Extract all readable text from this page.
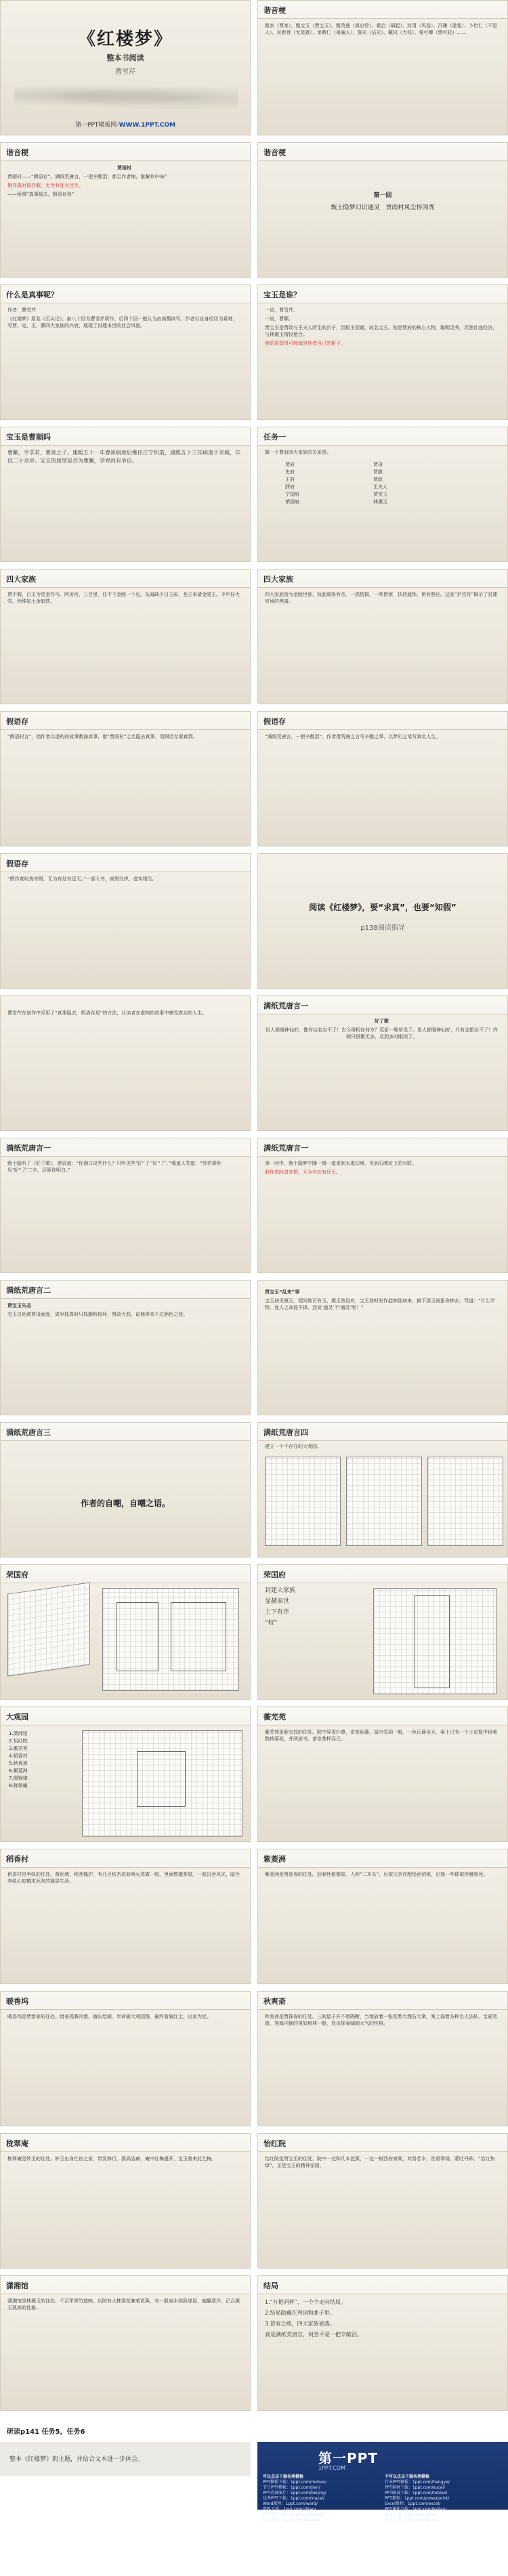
《红楼梦》
整本书阅读
曹雪芹
第一PPT模板网-WWW.1PPT.COM
谐音梗

甄家（贾家）、甄宝玉（贾宝玉）、甄英莲（真应怜）、霍启（祸起）、封肃（风俗）、冯渊（逢冤）、卜世仁（不是人）、吴新登（无星戥）、单聘仁（善骗人）、詹光（沾光）、戴权（大权）、秦可卿（情可轻）……

谐音梗

贾雨村

贾雨村——“假语存”。满纸荒唐言，一把辛酸泪；都云作者痴，谁解其中味？

假作真时真亦假，无为有处有还无。

——所谓“真事隐去，假语存焉”

谐音梗
第一回
甄士隐梦幻识通灵　贾雨村风尘怀闺秀
什么是真事呢？

作者：曹雪芹

《红楼梦》原名《石头记》，前八十回为曹雪芹所作，后四十回一般认为由高鹗续写。作者以自身经历为素材，写贾、史、王、薛四大家族的兴衰，展现了封建末世的社会风貌。

宝玉是谁？

一说，曹雪芹。

一说，曹颙。

贾宝玉是贾政与王夫人所生的次子，因衔玉而诞，故名宝玉。他是贾府的核心人物，聪明灵秀，厌恶仕途经济，与林黛玉情投意合。

他的原型很可能就是作者自己的影子。

宝玉是曹顺吗

曹颙，字孚若，曹寅之子。康熙五十一年曹寅病故后继任江宁织造，康熙五十三年病逝于京城，年仅二十余岁。宝玉的原型是否为曹颙，学界尚有争论。

任务一

做一个曹府四大家族的关系图。

贾府
史府
王府
薛府
宁国府
荣国府
贾母
贾赦
贾政
王夫人
贾宝玉
林黛玉
四大家族

贾不假，白玉为堂金作马。阿房宫，三百里，住不下金陵一个史。东海缺少白玉床，龙王来请金陵王。丰年好大雪，珍珠如土金如铁。

四大家族

四大家族皆为金陵世族，彼此联络有亲，一损皆损，一荣皆荣，扶持遮饰，俱有照应。这张“护官符”揭示了封建官场的黑暗。

假语存

“假语村言”，指作者以虚构的故事敷演真事，借“贾雨村”之名隐去真事，用假话存留真情。

假语存

“满纸荒唐言，一把辛酸泪”，作者借荒唐之言写辛酸之事，以梦幻之笔写真实人生。

假语存

“假作真时真亦假，无为有处有还无。”一部大书，真假交织，虚实相生。

阅读《红楼梦》，要“求真”，也要“知假”
p138阅读指导

曹雪芹在创作中采用了“真事隐去，假语存焉”的方法，让读者在虚构的故事中感受真实的人生。

满纸荒唐言一

好了歌

世人都晓神仙好，惟有功名忘不了！古今将相在何方？荒冢一堆草没了。世人都晓神仙好，只有金银忘不了！终朝只恨聚无多，及到多时眼闭了。

满纸荒唐言一

甄士隐听了《好了歌》，便说道：“你满口说些什么？只听见些‘好’‘了’‘好’‘了’。”那道人笑道：“你若果听见‘好’‘了’二字，还算你明白。”

满纸荒唐言一

第一回中，甄士隐梦中随一僧一道来到太虚幻境，见到石牌坊上的对联。

假作真时真亦假，无为有处有还无。

满纸荒唐言二

贾宝玉失态

宝玉自幼被贾母溺爱，周岁抓周时只抓脂粉钗环，贾政大怒，说他将来不过酒色之徒。

贾宝玉“乱来”事

宝玉初见黛玉，便问她可有玉，黛玉答没有，宝玉登时发作起痴狂病来，摘下那玉就狠命摔去，骂道：“什么罕物，连人之高低不择，还说‘通灵’不‘通灵’呢！”

满纸荒唐言三
作者的自嘲，自嘲之语。
满纸荒唐言四

建立一个不存在的大观园。

荣国府	荣国府

封建大家族

显赫家世

上下有序

“权”

大观园
1.潇湘馆
2.怡红院
3.蘅芜苑
4.稻香村
5.秋爽斋
6.紫菱洲
7.缀锦楼
8.栊翠庵
蘅芜苑

蘅芜苑是薛宝钗的住处。院中异香扑鼻，奇草仙藤，屋内雪洞一般，一色玩器全无，案上只有一个土定瓶中供着数枝菊花，并两部书、茶奁茶杯而已。

稻香村

稻香村是李纨的住处。黄泥墙，稻茎掩护，有几百枝杏花如喷火蒸霞一般，里面数楹茅屋，一派田舍风光，暗合李纨心如槁木死灰的寡居生活。

紫菱洲

紫菱洲是贾迎春的住处。迎春性格懦弱，人称“二木头”，后被父亲许配给孙绍祖，出嫁一年即被折磨致死。

暖香坞

暖香坞是贾惜春的住处。惜春孤僻冷漠，擅长绘画，奉命画大观园图，最终看破红尘，出家为尼。

秋爽斋

秋爽斋是贾探春的住处。三间屋子并不曾隔断，当地放着一张花梨大理石大案，案上磊着各种名人法帖，宝砚笔筒，笔海内插的笔如树林一般，显出探春阔朗大气的性格。

栊翠庵

栊翠庵是妙玉的住处。妙玉出身仕宦之家，带发修行，孤高洁癖，庵中红梅盛开，宝玉曾来此乞梅。

怡红院

怡红院是贾宝玉的住处，院中一边种几本芭蕉，一边一树西府海棠，其势若伞，丝垂翠缕，葩吐丹砂。“怡红快绿”，正是宝玉的精神家园。

潇湘馆

潇湘馆是林黛玉的住处。千百竿翠竹遮映，后院有大株梨花兼着芭蕉，有一股泉水绕阶缘屋，幽静清冷，正合黛玉孤高的性格。

结局

1.“万艳同杯”，一个个走向结局。

2.结局隐藏在判词和曲子里。

3.贾府之败，四大家族衰落。

真是满纸荒唐言，何尝不是一把辛酸泪。

研读p141 任务5，任务6
整本《红楼梦》的主题，并结合文本进一步体会。	第一PPT
1PPT.COM
可以点击下载各类模板
PPT模板下载：1ppt.com/moban/
节日PPT模板：1ppt.com/jieri/
PPT背景图片：1ppt.com/beijing/
优秀PPT下载：1ppt.com/xiazai/
Word教程：1ppt.com/word/
资料下载：1ppt.com/ziliao/
PPT课件下载：1ppt.com/kejian/
范文下载：1ppt.com/fanwen/
不可以点击下载各类模板
行业PPT模板：1ppt.com/hangye/
PPT素材下载：1ppt.com/sucai/
PPT图表下载：1ppt.com/tubiao/
PPT教程：1ppt.com/powerpoint/
Excel教程：1ppt.com/excel/
PPT课件下载：1ppt.com/kejian/
试卷下载：1ppt.com/shiti/
教案下载：1ppt.com/jiaoan/
